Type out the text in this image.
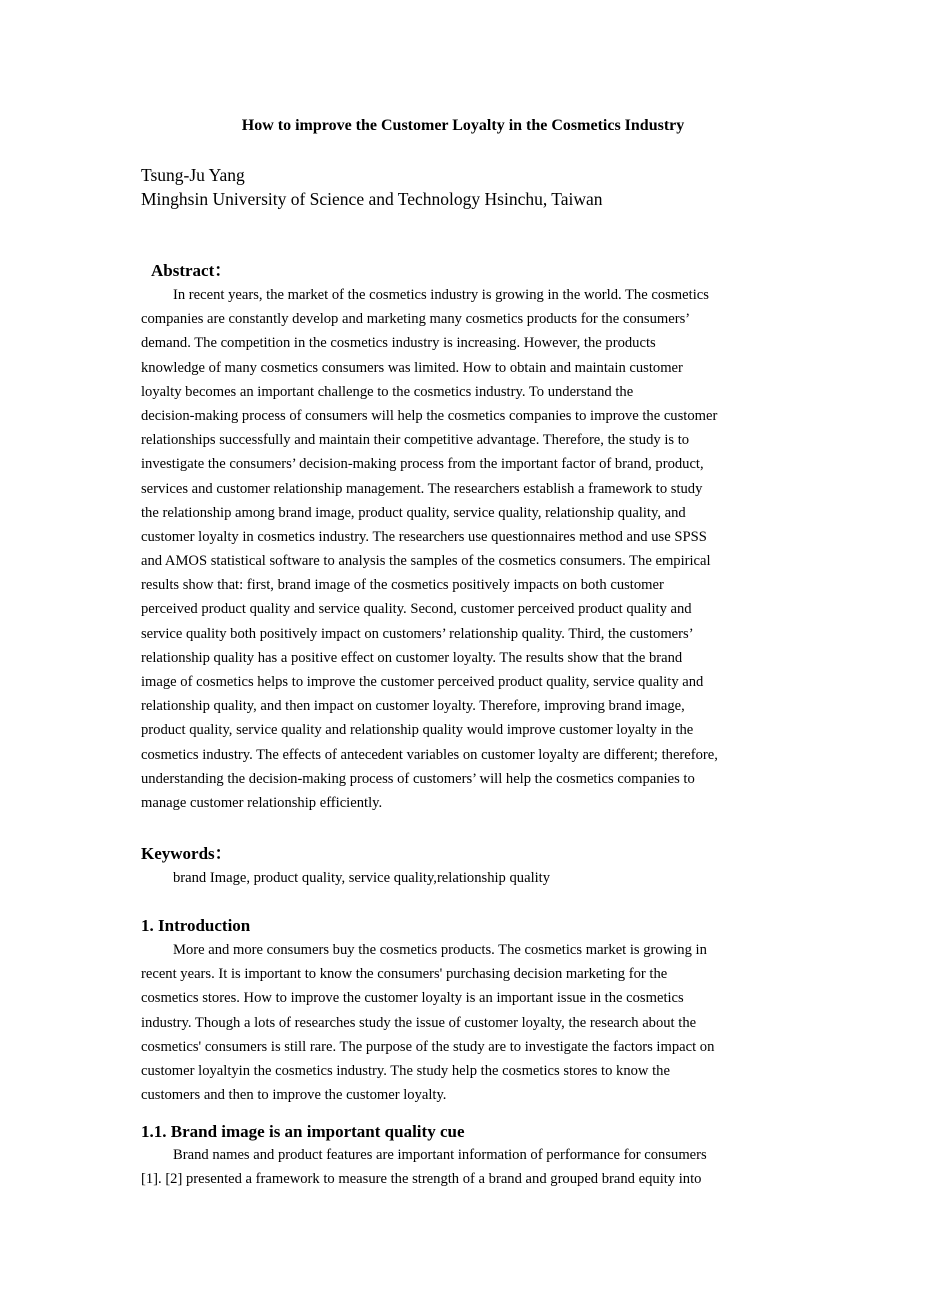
How to improve the Customer Loyalty in the Cosmetics Industry
Tsung-Ju Yang
Minghsin University of Science and Technology Hsinchu, Taiwan
Abstract：
In recent years, the market of the cosmetics industry is growing in the world. The cosmetics
companies are constantly develop and marketing many cosmetics products for the consumers’
demand. The competition in the cosmetics industry is increasing. However, the products
knowledge of many cosmetics consumers was limited. How to obtain and maintain customer
loyalty becomes an important challenge to the cosmetics industry. To understand the
decision-making process of consumers will help the cosmetics companies to improve the customer
relationships successfully and maintain their competitive advantage. Therefore, the study is to
investigate the consumers’ decision-making process from the important factor of brand, product,
services and customer relationship management. The researchers establish a framework to study
the relationship among brand image, product quality, service quality, relationship quality, and
customer loyalty in cosmetics industry. The researchers use questionnaires method and use SPSS
and AMOS statistical software to analysis the samples of the cosmetics consumers. The empirical
results show that: first, brand image of the cosmetics positively impacts on both customer
perceived product quality and service quality. Second, customer perceived product quality and
service quality both positively impact on customers’ relationship quality. Third, the customers’
relationship quality has a positive effect on customer loyalty. The results show that the brand
image of cosmetics helps to improve the customer perceived product quality, service quality and
relationship quality, and then impact on customer loyalty. Therefore, improving brand image,
product quality, service quality and relationship quality would improve customer loyalty in the
cosmetics industry. The effects of antecedent variables on customer loyalty are different; therefore,
understanding the decision-making process of customers’ will help the cosmetics companies to
manage customer relationship efficiently.
Keywords：
brand Image, product quality, service quality,relationship quality
1. Introduction
More and more consumers buy the cosmetics products. The cosmetics market is growing in
recent years. It is important to know the consumers' purchasing decision marketing for the
cosmetics stores. How to improve the customer loyalty is an important issue in the cosmetics
industry. Though a lots of researches study the issue of customer loyalty, the research about the
cosmetics' consumers is still rare. The purpose of the study are to investigate the factors impact on
customer loyaltyin the cosmetics industry. The study help the cosmetics stores to know the
customers and then to improve the customer loyalty.
1.1. Brand image is an important quality cue
Brand names and product features are important information of performance for consumers
[1]. [2] presented a framework to measure the strength of a brand and grouped brand equity into
